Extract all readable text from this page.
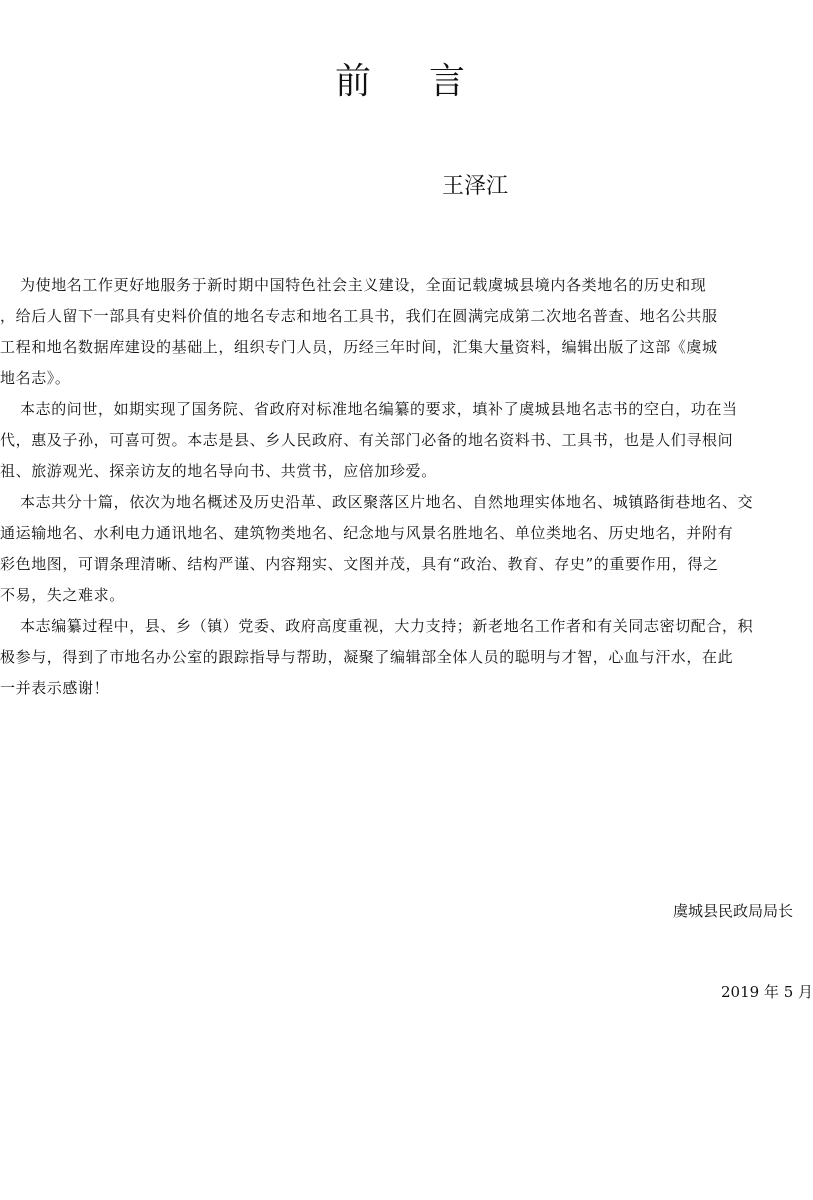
前言
王泽江
为使地名工作更好地服务于新时期中国特色社会主义建设，全面记载虞城县境内各类地名的历史和现
，给后人留下一部具有史料价值的地名专志和地名工具书，我们在圆满完成第二次地名普查、地名公共服
工程和地名数据库建设的基础上，组织专门人员，历经三年时间，汇集大量资料，编辑出版了这部《虞城
地名志》。
本志的问世，如期实现了国务院、省政府对标准地名编纂的要求，填补了虞城县地名志书的空白，功在当
代，惠及子孙，可喜可贺。本志是县、乡人民政府、有关部门必备的地名资料书、工具书，也是人们寻根问
祖、旅游观光、探亲访友的地名导向书、共赏书，应倍加珍爱。
本志共分十篇，依次为地名概述及历史沿革、政区聚落区片地名、自然地理实体地名、城镇路街巷地名、交
通运输地名、水利电力通讯地名、建筑物类地名、纪念地与风景名胜地名、单位类地名、历史地名，并附有
彩色地图，可谓条理清晰、结构严谨、内容翔实、文图并茂，具有“政治、教育、存史”的重要作用，得之
不易，失之难求。
本志编纂过程中，县、乡（镇）党委、政府高度重视，大力支持；新老地名工作者和有关同志密切配合，积
极参与，得到了市地名办公室的跟踪指导与帮助，凝聚了编辑部全体人员的聪明与才智，心血与汗水，在此
一并表示感谢！
虞城县民政局局长
2019 年 5 月
